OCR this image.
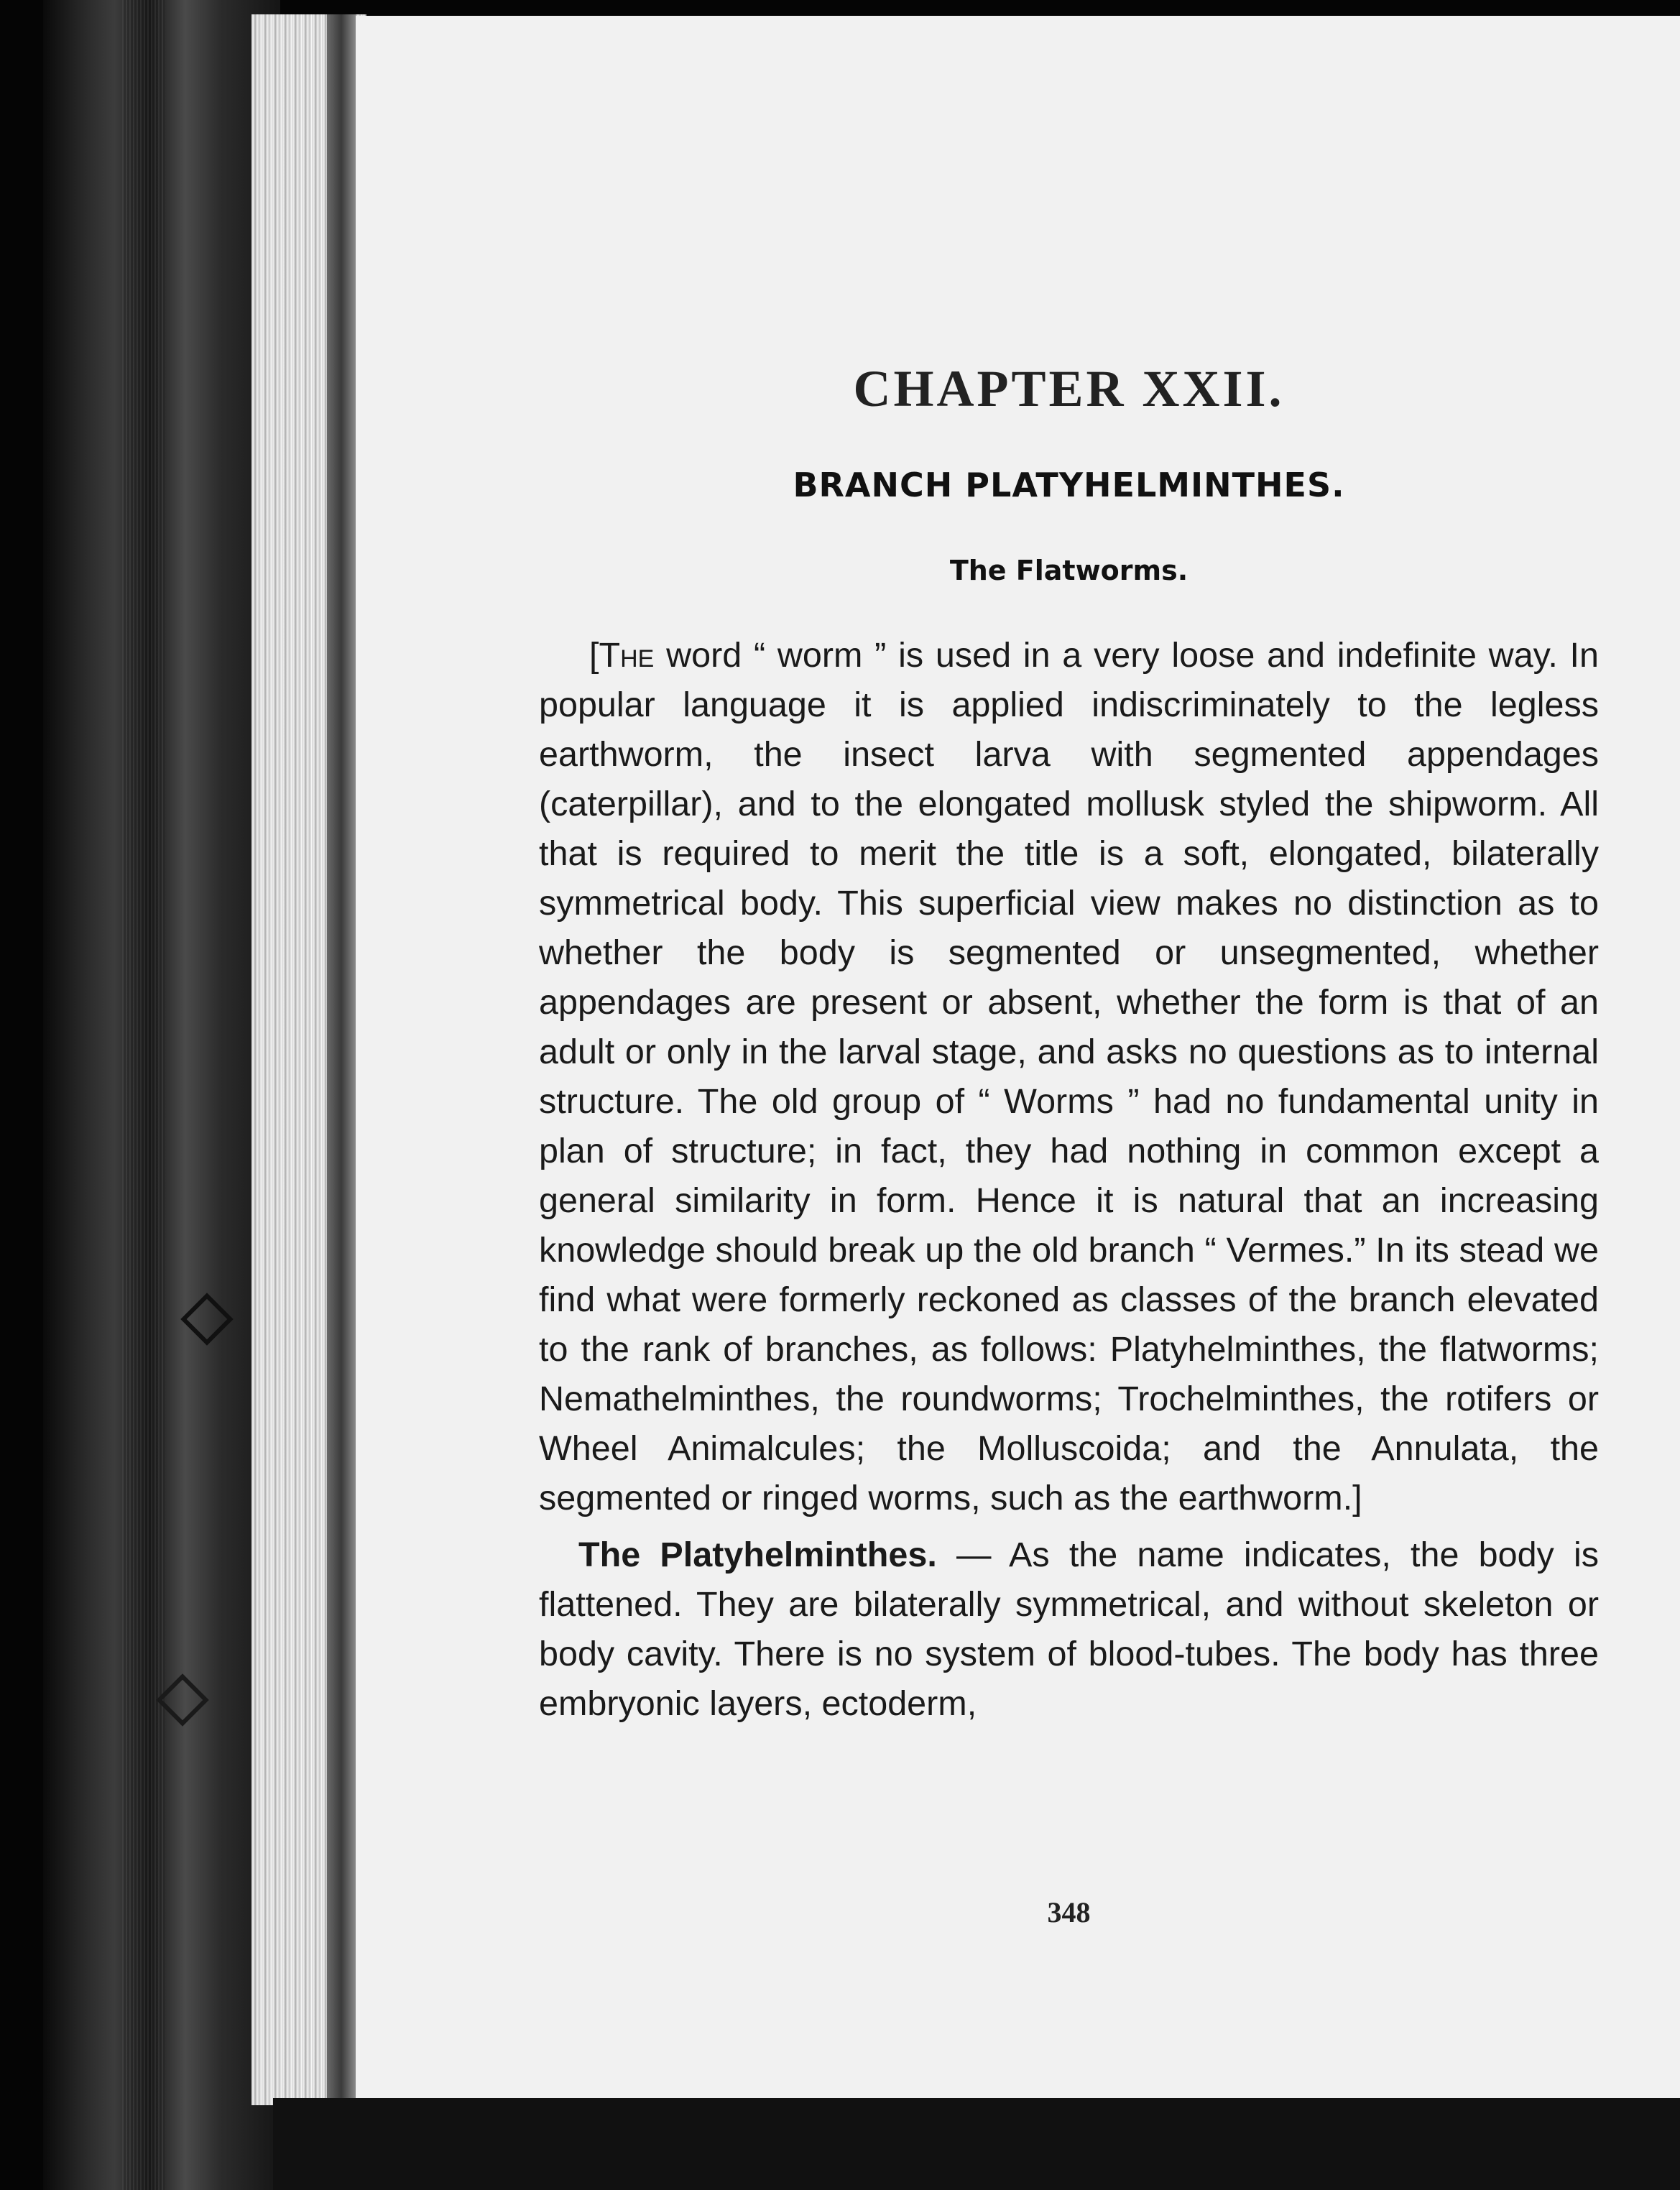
CHAPTER XXII.
BRANCH PLATYHELMINTHES.
The Flatworms.

[The word “ worm ” is used in a very loose and indefinite way. In popular language it is applied indiscriminately to the legless earthworm, the insect larva with segmented appendages (caterpillar), and to the elongated mollusk styled the shipworm. All that is required to merit the title is a soft, elongated, bilaterally symmetrical body. This superficial view makes no distinction as to whether the body is segmented or unsegmented, whether appendages are present or absent, whether the form is that of an adult or only in the larval stage, and asks no questions as to internal structure. The old group of “ Worms ” had no fundamental unity in plan of structure; in fact, they had nothing in common except a general similarity in form. Hence it is natural that an increasing knowledge should break up the old branch “ Vermes.” In its stead we find what were formerly reckoned as classes of the branch elevated to the rank of branches, as follows: Platyhelminthes, the flatworms; Nemathelminthes, the roundworms; Trochelminthes, the rotifers or Wheel Animalcules; the Molluscoida; and the Annulata, the segmented or ringed worms, such as the earthworm.]

The Platyhelminthes. — As the name indicates, the body is flattened. They are bilaterally symmetrical, and without skeleton or body cavity. There is no system of blood-tubes. The body has three embryonic layers, ectoderm,

348
